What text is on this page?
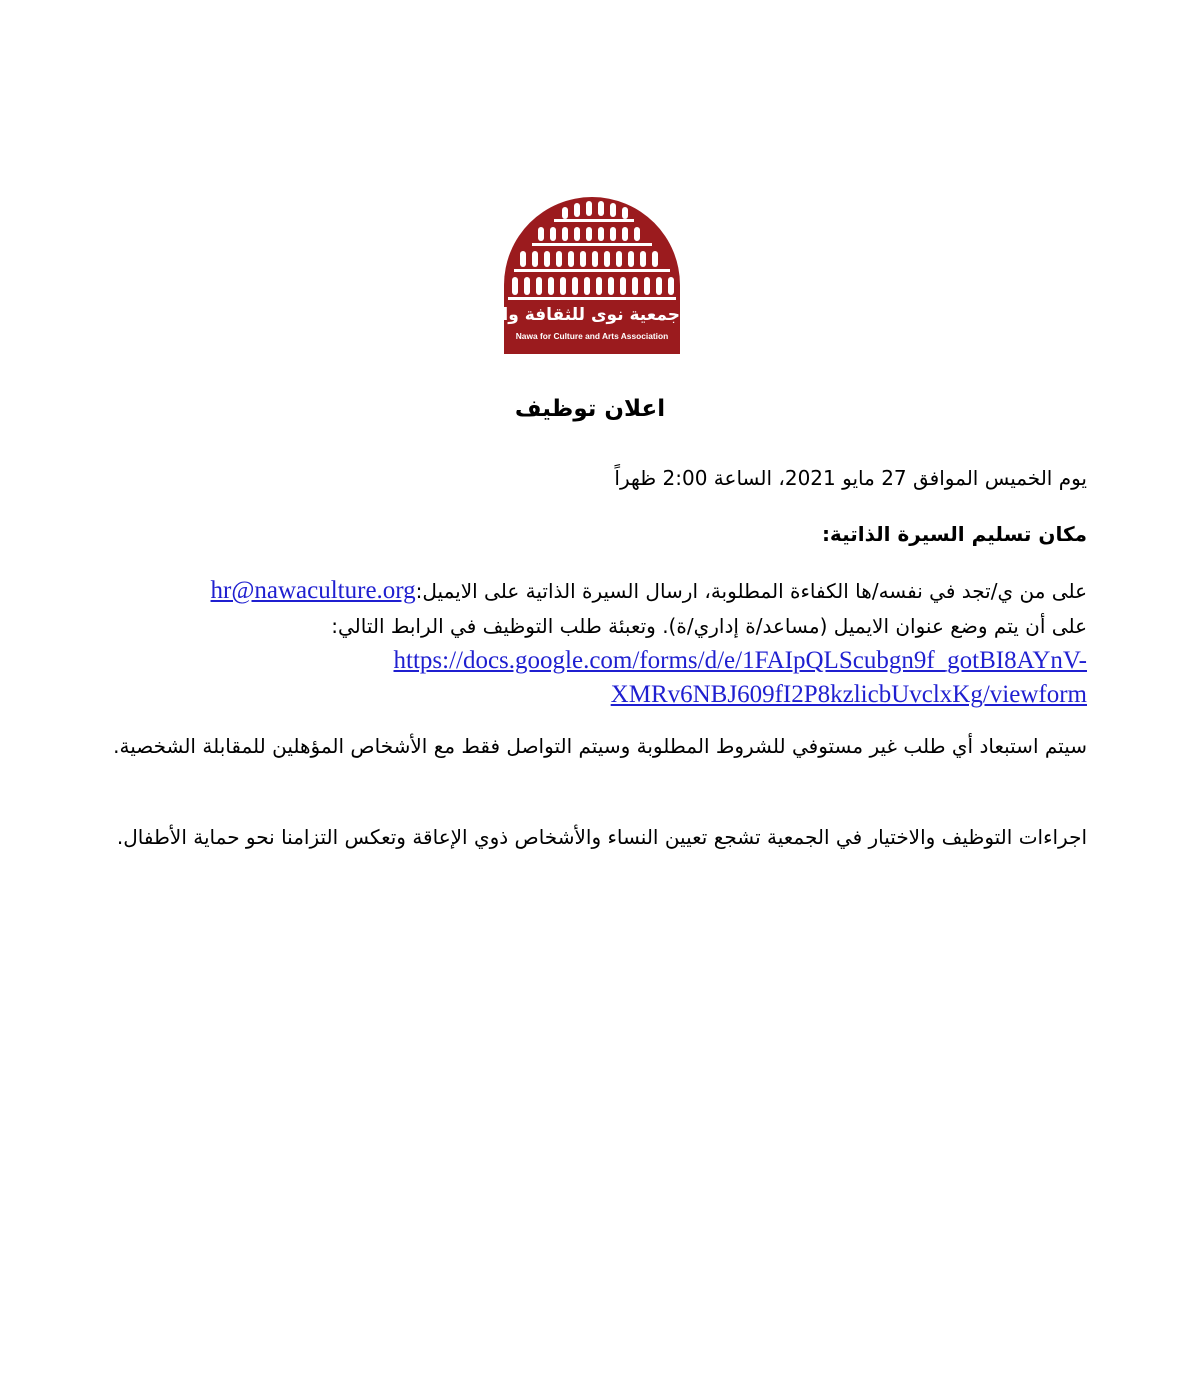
جمعية نوى للثقافة والفنون
Nawa for Culture and Arts Association
اعلان توظيف
يوم الخميس الموافق 27 مايو 2021، الساعة 2:00 ظهراً
مكان تسليم السيرة الذاتية:
على من ي/تجد في نفسه/ها الكفاءة المطلوبة، ارسال السيرة الذاتية على الايميل:hr@nawaculture.org
على أن يتم وضع عنوان الايميل (مساعد/ة إداري/ة). وتعبئة طلب التوظيف في الرابط التالي:
https://docs.google.com/forms/d/e/1FAIpQLScubgn9f_gotBI8AYnV-
XMRv6NBJ609fI2P8kzlicbUvclxKg/viewform
سيتم استبعاد أي طلب غير مستوفي للشروط المطلوبة وسيتم التواصل فقط مع الأشخاص المؤهلين للمقابلة الشخصية.
اجراءات التوظيف والاختيار في الجمعية تشجع تعيين النساء والأشخاص ذوي الإعاقة وتعكس التزامنا نحو حماية الأطفال.
